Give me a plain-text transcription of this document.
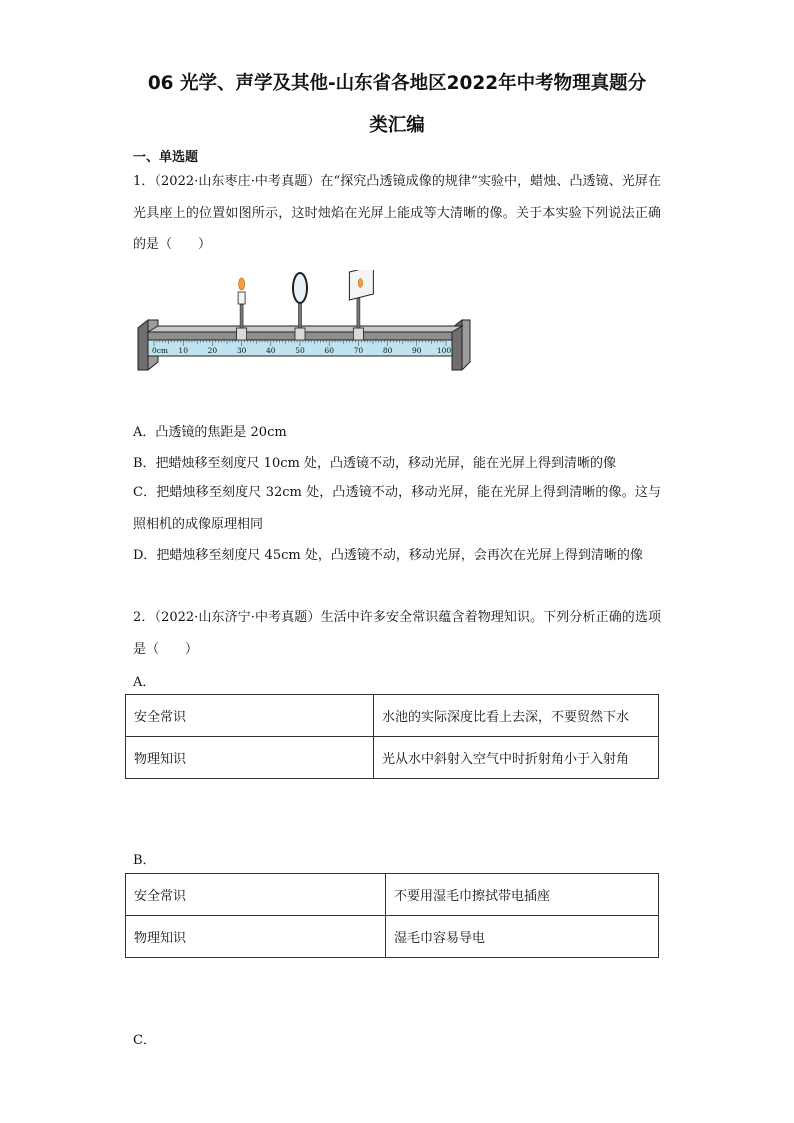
06 光学、声学及其他-山东省各地区2022年中考物理真题分
类汇编
一、单选题
1．（2022·山东枣庄·中考真题）在“探究凸透镜成像的规律”实验中，蜡烛、凸透镜、光屏在光具座上的位置如图所示，这时烛焰在光屏上能成等大清晰的像。关于本实验下列说法正确的是（　　）
0cm 10	20	30	40	50	60	70	80	90 100
A．凸透镜的焦距是 20cm
B．把蜡烛移至刻度尺 10cm 处，凸透镜不动，移动光屏，能在光屏上得到清晰的像
C．把蜡烛移至刻度尺 32cm 处，凸透镜不动，移动光屏，能在光屏上得到清晰的像。这与照相机的成像原理相同
D．把蜡烛移至刻度尺 45cm 处，凸透镜不动，移动光屏，会再次在光屏上得到清晰的像
2．（2022·山东济宁·中考真题）生活中许多安全常识蕴含着物理知识。下列分析正确的选项是（　　）
A．
安全常识	水池的实际深度比看上去深，不要贸然下水
物理知识	光从水中斜射入空气中时折射角小于入射角
B．
安全常识	不要用湿毛巾擦拭带电插座
物理知识	湿毛巾容易导电
C．
